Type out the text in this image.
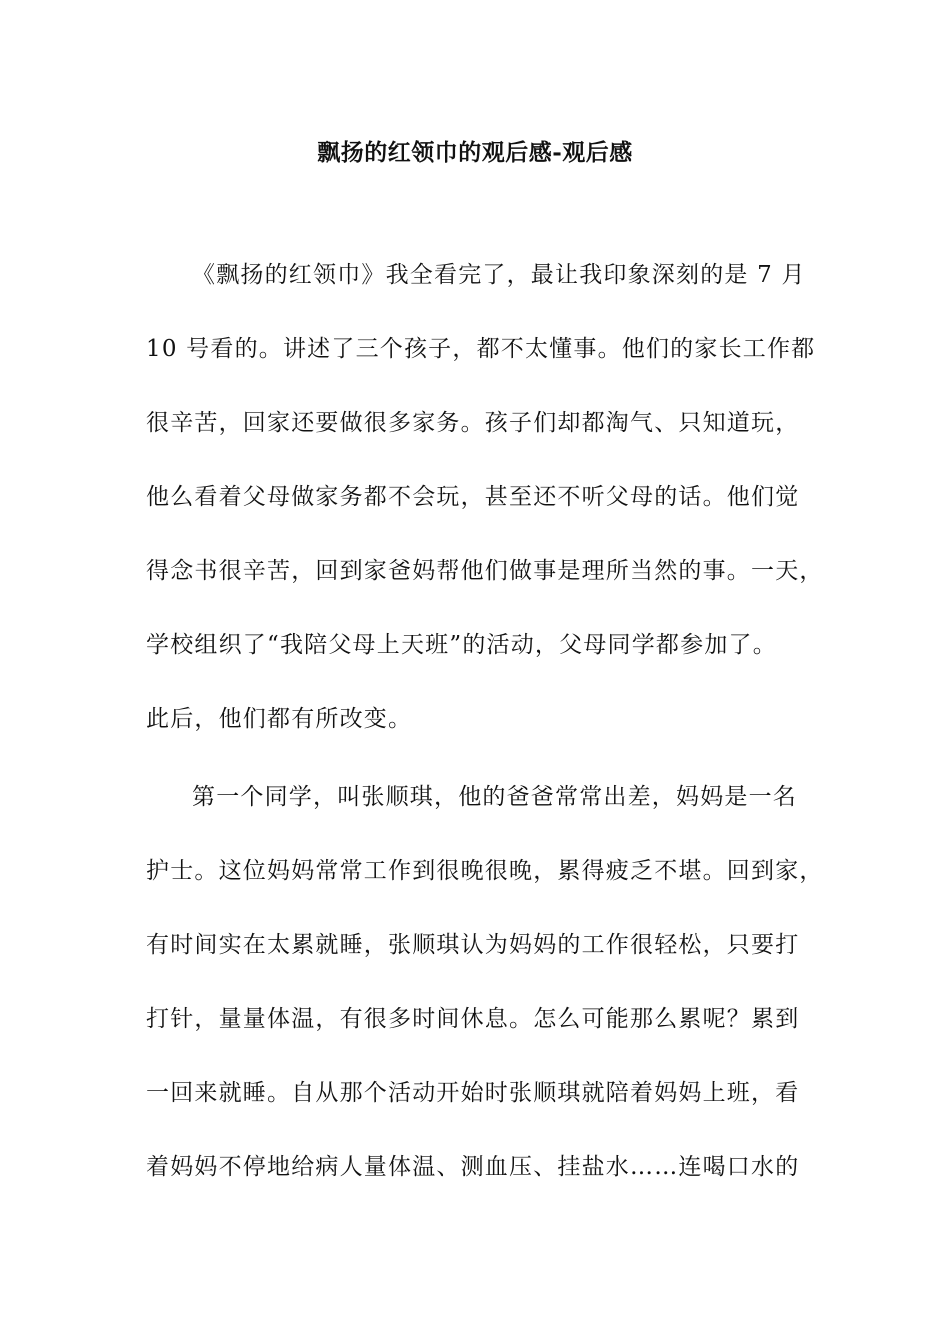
飘扬的红领巾的观后感-观后感
《飘扬的红领巾》我全看完了，最让我印象深刻的是 7 月
10 号看的。讲述了三个孩子，都不太懂事。他们的家长工作都
很辛苦，回家还要做很多家务。孩子们却都淘气、只知道玩，
他么看着父母做家务都不会玩，甚至还不听父母的话。他们觉
得念书很辛苦，回到家爸妈帮他们做事是理所当然的事。一天，
学校组织了“我陪父母上天班”的活动，父母同学都参加了。
此后，他们都有所改变。
第一个同学，叫张顺琪，他的爸爸常常出差，妈妈是一名
护士。这位妈妈常常工作到很晚很晚，累得疲乏不堪。回到家，
有时间实在太累就睡，张顺琪认为妈妈的工作很轻松，只要打
打针，量量体温，有很多时间休息。怎么可能那么累呢？累到
一回来就睡。自从那个活动开始时张顺琪就陪着妈妈上班，看
着妈妈不停地给病人量体温、测血压、挂盐水……连喝口水的
